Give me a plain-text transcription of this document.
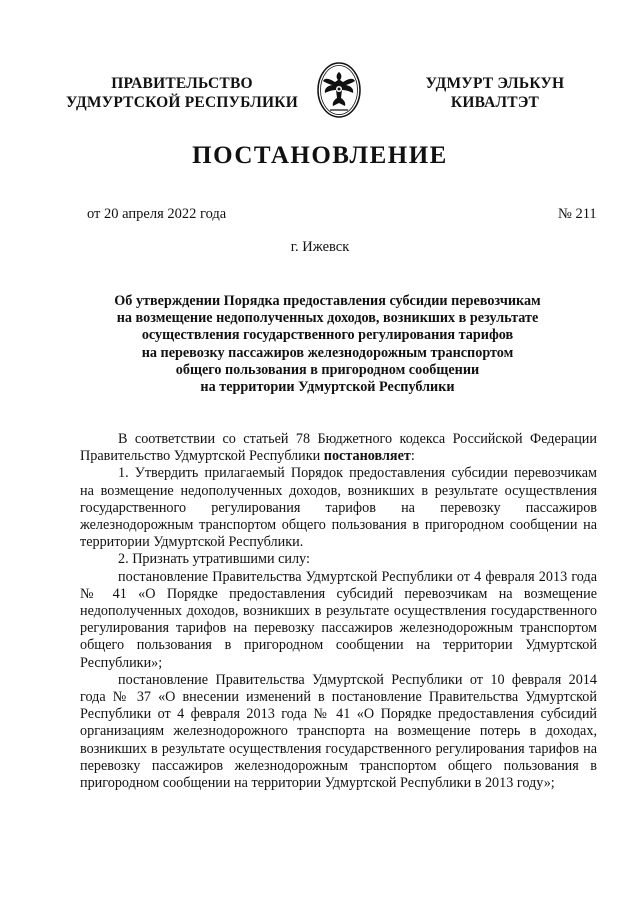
ПРАВИТЕЛЬСТВО
УДМУРТСКОЙ РЕСПУБЛИКИ
УДМУРТ ЭЛЬКУН
КИВАЛТЭТ
ПОСТАНОВЛЕНИЕ
от 20 апреля 2022 года	№ 211
г. Ижевск
Об утверждении Порядка предоставления субсидии перевозчикам
на возмещение недополученных доходов, возникших в результате
осуществления государственного регулирования тарифов
на перевозку пассажиров железнодорожным транспортом
общего пользования в пригородном сообщении
на территории Удмуртской Республики

В соответствии со статьей 78 Бюджетного кодекса Российской Федерации Правительство Удмуртской Республики постановляет:

1. Утвердить прилагаемый Порядок предоставления субсидии перевозчикам на возмещение недополученных доходов, возникших в результате осуществления государственного регулирования тарифов на перевозку пассажиров железнодорожным транспортом общего пользования в пригородном сообщении на территории Удмуртской Республики.

2. Признать утратившими силу:

постановление Правительства Удмуртской Республики от 4 февраля 2013 года № 41 «О Порядке предоставления субсидий перевозчикам на возмещение недополученных доходов, возникших в результате осуществления государственного регулирования тарифов на перевозку пассажиров железнодорожным транспортом общего пользования в пригородном сообщении на территории Удмуртской Республики»;

постановление Правительства Удмуртской Республики от 10 февраля 2014 года № 37 «О внесении изменений в постановление Правительства Удмуртской Республики от 4 февраля 2013 года № 41 «О Порядке предоставления субсидий организациям железнодорожного транспорта на возмещение потерь в доходах, возникших в результате осуществления государственного регулирования тарифов на перевозку пассажиров железнодорожным транспортом общего пользования в пригородном сообщении на территории Удмуртской Республики в 2013 году»;
